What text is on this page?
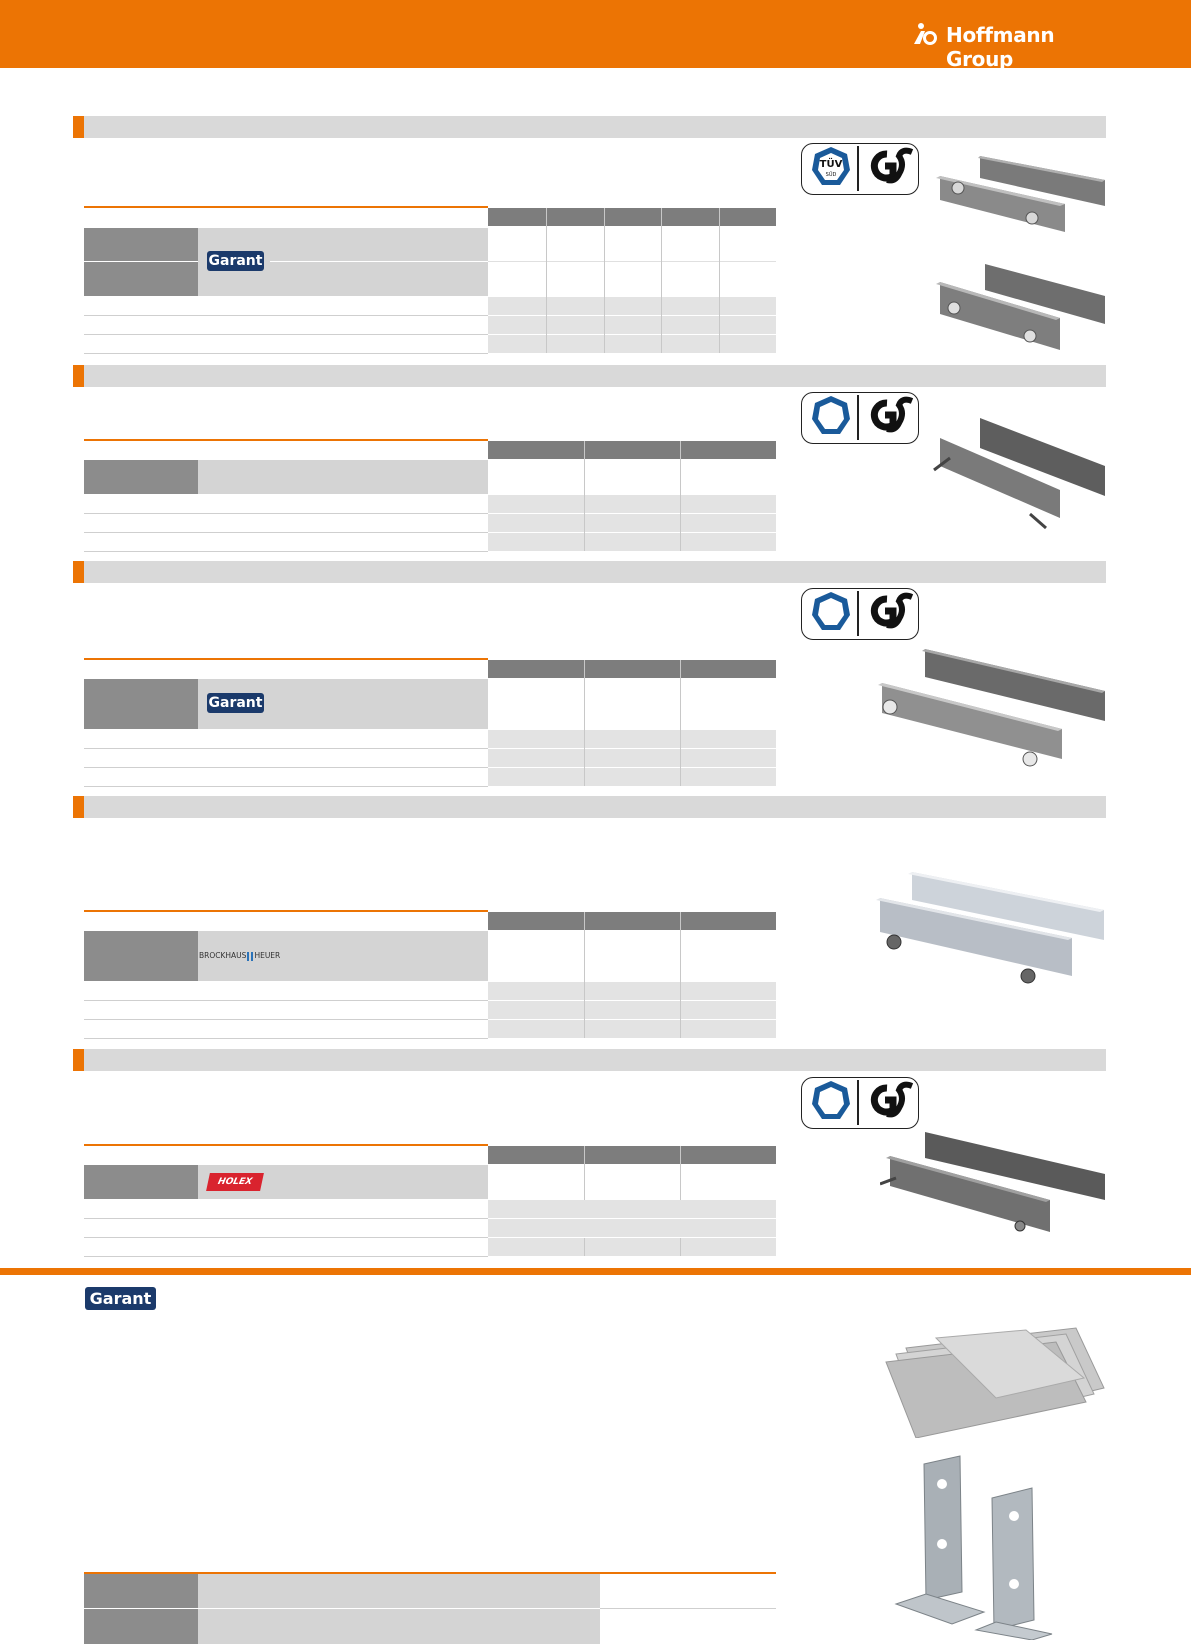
Hoffmann Group
Garant
TÜV
SÜD
Garant
BROCKHAUS HEUER
HOLEX
Garant
